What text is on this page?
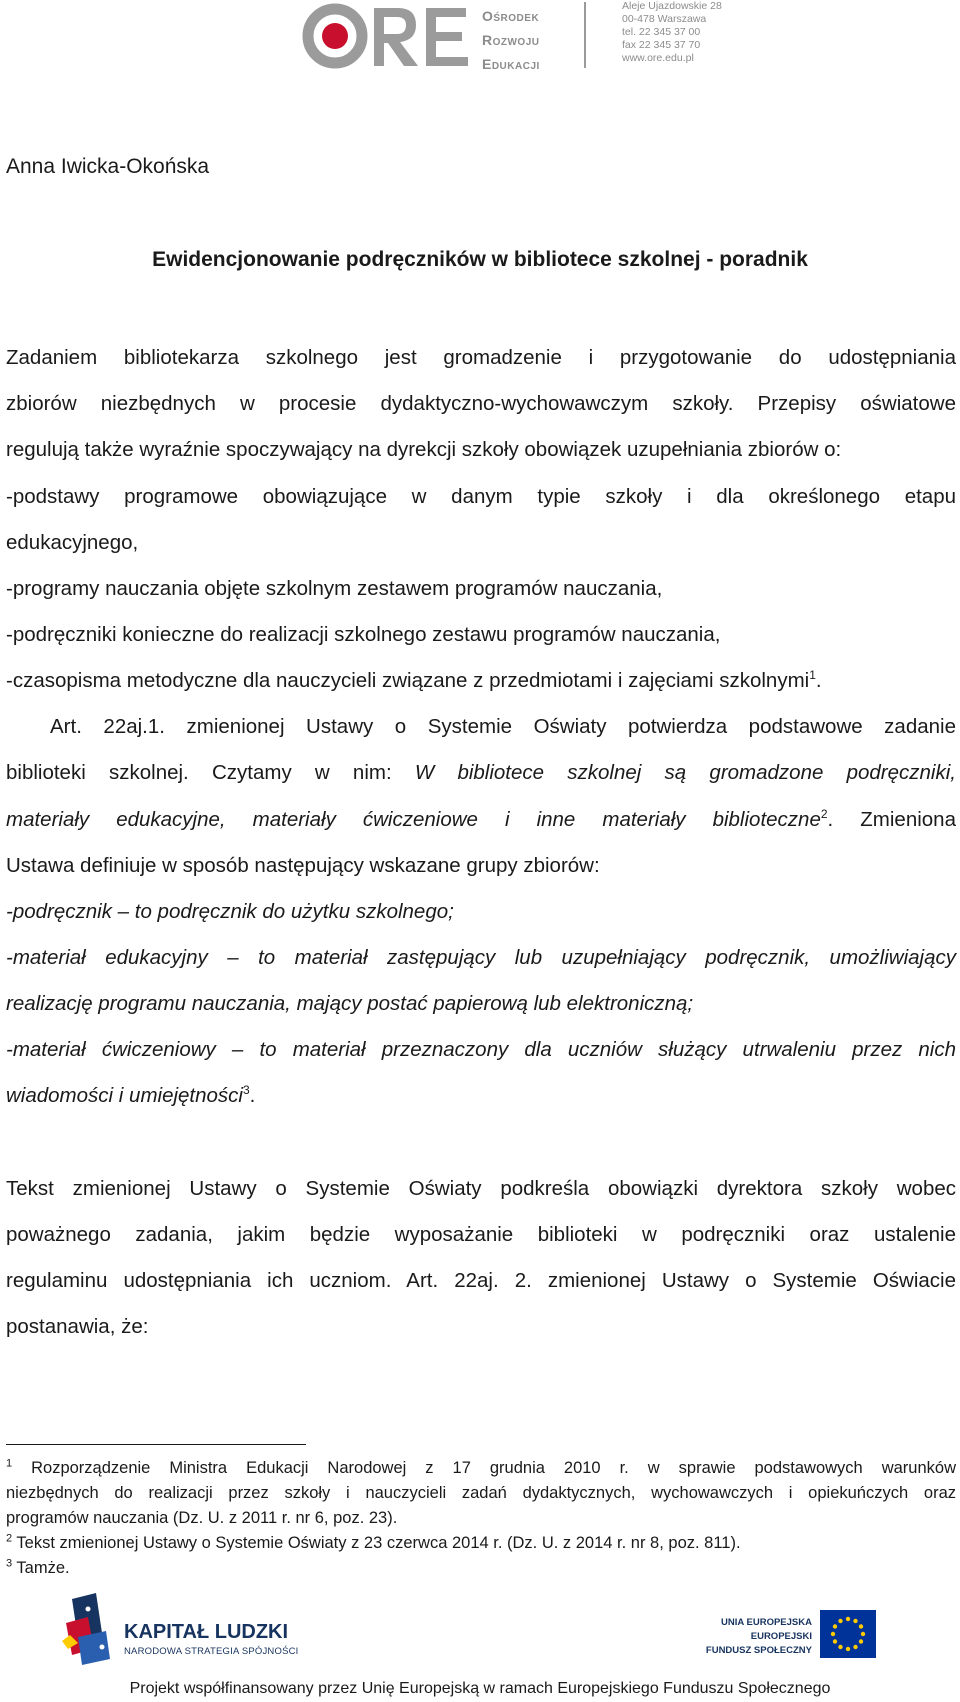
Ośrodek
Rozwoju
Edukacji
Aleje Ujazdowskie 28
00-478 Warszawa
tel. 22 345 37 00
fax 22 345 37 70
www.ore.edu.pl
Anna Iwicka-Okońska
Ewidencjonowanie podręczników w bibliotece szkolnej - poradnik
Zadaniem bibliotekarza szkolnego jest gromadzenie i przygotowanie do udostępniania
zbiorów niezbędnych w procesie dydaktyczno-wychowawczym szkoły. Przepisy oświatowe
regulują także wyraźnie spoczywający na dyrekcji szkoły obowiązek uzupełniania zbiorów o:
-podstawy programowe obowiązujące w danym typie szkoły i dla określonego etapu
edukacyjnego,
-programy nauczania objęte szkolnym zestawem programów nauczania,
-podręczniki konieczne do realizacji szkolnego zestawu programów nauczania,
-czasopisma metodyczne dla nauczycieli związane z przedmiotami i zajęciami szkolnymi$^1$.
Art. 22aj.1. zmienionej Ustawy o Systemie Oświaty potwierdza podstawowe zadanie
biblioteki szkolnej. Czytamy w nim: W bibliotece szkolnej są gromadzone podręczniki,
materiały edukacyjne, materiały ćwiczeniowe i inne materiały biblioteczne$^2$. Zmieniona
Ustawa definiuje w sposób następujący wskazane grupy zbiorów:
-podręcznik – to podręcznik do użytku szkolnego;
-materiał edukacyjny – to materiał zastępujący lub uzupełniający podręcznik, umożliwiający
realizację programu nauczania, mający postać papierową lub elektroniczną;
-materiał ćwiczeniowy – to materiał przeznaczony dla uczniów służący utrwaleniu przez nich
wiadomości i umiejętności$^3$.
Tekst zmienionej Ustawy o Systemie Oświaty podkreśla obowiązki dyrektora szkoły wobec
poważnego zadania, jakim będzie wyposażanie biblioteki w podręczniki oraz ustalenie
regulaminu udostępniania ich uczniom. Art. 22aj. 2. zmienionej Ustawy o Systemie Oświacie
postanawia, że:
$^1$ Rozporządzenie Ministra Edukacji Narodowej z 17 grudnia 2010 r. w sprawie podstawowych warunków
niezbędnych do realizacji przez szkoły i nauczycieli zadań dydaktycznych, wychowawczych i opiekuńczych oraz
programów nauczania (Dz. U. z 2011 r. nr 6, poz. 23).
$^2$ Tekst zmienionej Ustawy o Systemie Oświaty z 23 czerwca 2014 r. (Dz. U. z 2014 r. nr 8, poz. 811).
$^3$ Tamże.
KAPITAŁ LUDZKI
NARODOWA STRATEGIA SPÓJNOŚCI
UNIA EUROPEJSKA
EUROPEJSKI
FUNDUSZ SPOŁECZNY
Projekt współfinansowany przez Unię Europejską w ramach Europejskiego Funduszu Społecznego
